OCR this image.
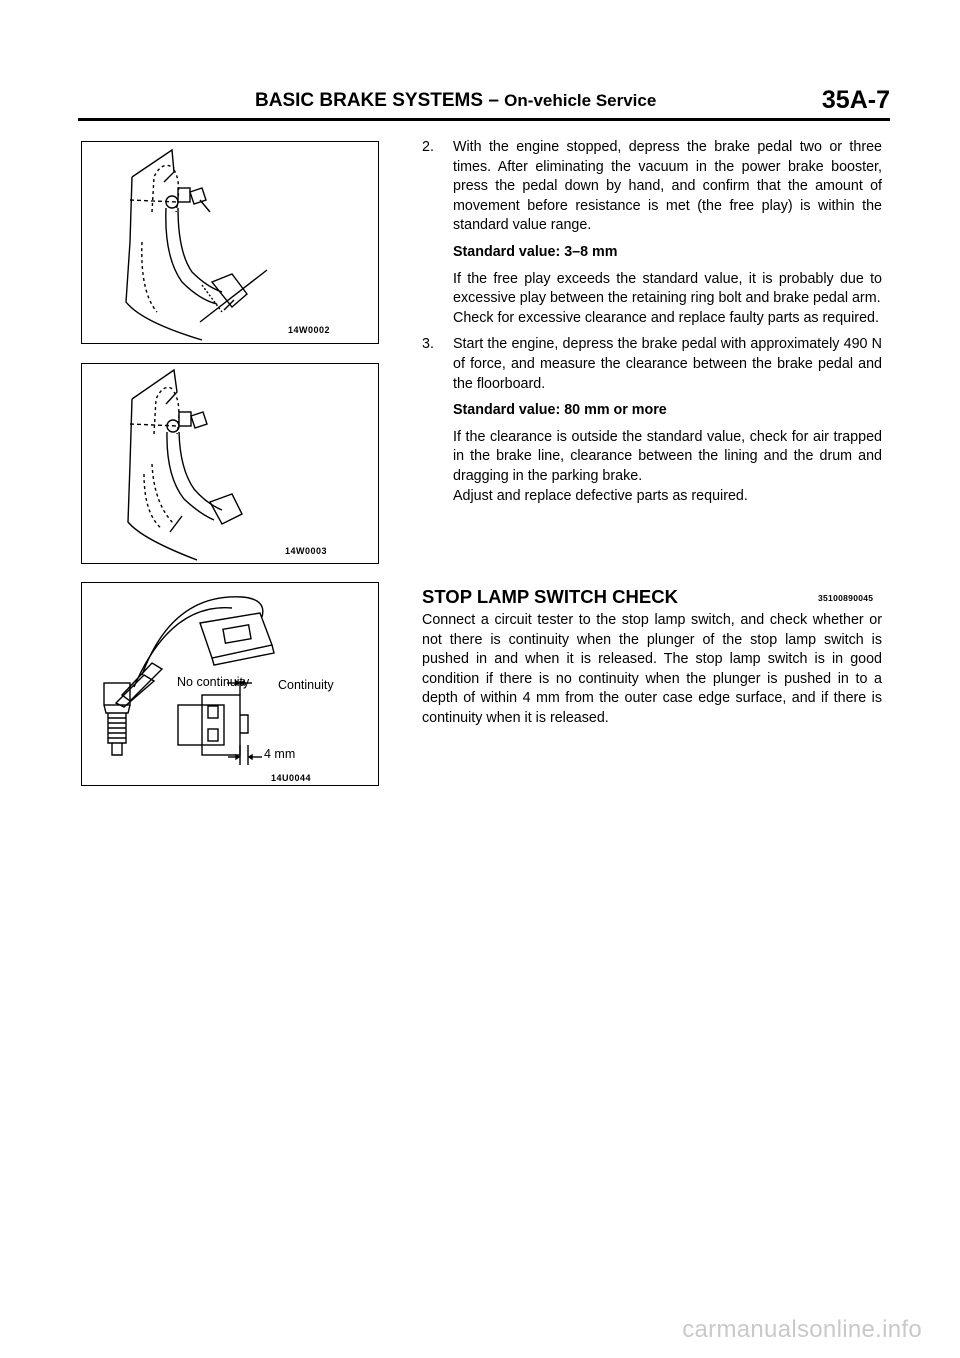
BASIC BRAKE SYSTEMS – On-vehicle Service	35A-7
14W0002
14W0003
No continuity Continuity
4 mm
14U0044
2. With the engine stopped, depress the brake pedal two or three times. After eliminating the vacuum in the power brake booster, press the pedal down by hand, and confirm that the amount of movement before resistance is met (the free play) is within the standard value range.

Standard value: 3–8 mm

If the free play exceeds the standard value, it is probably due to excessive play between the retaining ring bolt and brake pedal arm.

Check for excessive clearance and replace faulty parts as required.

3. Start the engine, depress the brake pedal with approximately 490 N of force, and measure the clearance between the brake pedal and the floorboard.

Standard value: 80 mm or more

If the clearance is outside the standard value, check for air trapped in the brake line, clearance between the lining and the drum and dragging in the parking brake.

Adjust and replace defective parts as required.

STOP LAMP SWITCH CHECK	35100890045

Connect a circuit tester to the stop lamp switch, and check whether or not there is continuity when the plunger of the stop lamp switch is pushed in and when it is released. The stop lamp switch is in good condition if there is no continuity when the plunger is pushed in to a depth of within 4 mm from the outer case edge surface, and if there is continuity when it is released.

carmanualsonline.info
